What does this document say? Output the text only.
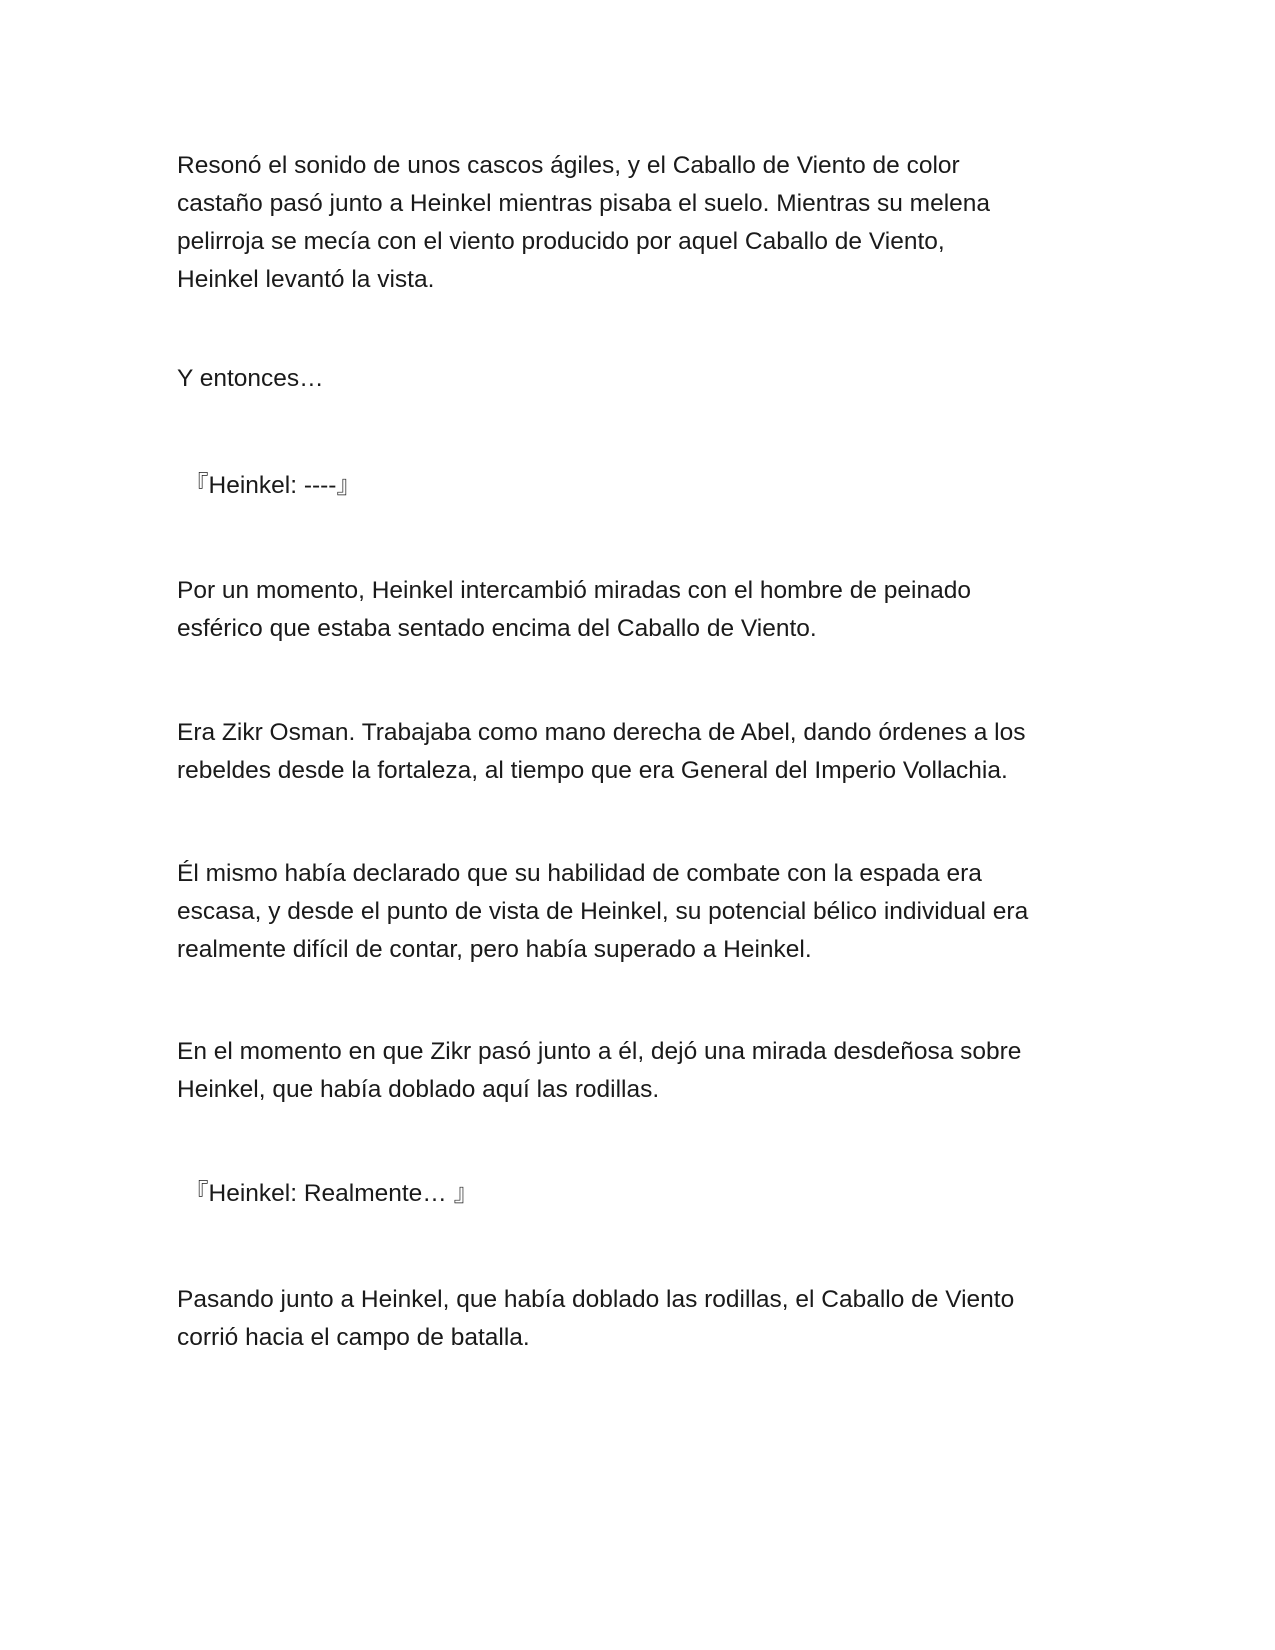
Resonó el sonido de unos cascos ágiles, y el Caballo de Viento de color
castaño pasó junto a Heinkel mientras pisaba el suelo. Mientras su melena
pelirroja se mecía con el viento producido por aquel Caballo de Viento,
Heinkel levantó la vista.

Y entonces…

『Heinkel: ----』

Por un momento, Heinkel intercambió miradas con el hombre de peinado
esférico que estaba sentado encima del Caballo de Viento.

Era Zikr Osman. Trabajaba como mano derecha de Abel, dando órdenes a los
rebeldes desde la fortaleza, al tiempo que era General del Imperio Vollachia.

Él mismo había declarado que su habilidad de combate con la espada era
escasa, y desde el punto de vista de Heinkel, su potencial bélico individual era
realmente difícil de contar, pero había superado a Heinkel.

En el momento en que Zikr pasó junto a él, dejó una mirada desdeñosa sobre
Heinkel, que había doblado aquí las rodillas.

『Heinkel: Realmente… 』

Pasando junto a Heinkel, que había doblado las rodillas, el Caballo de Viento
corrió hacia el campo de batalla.
